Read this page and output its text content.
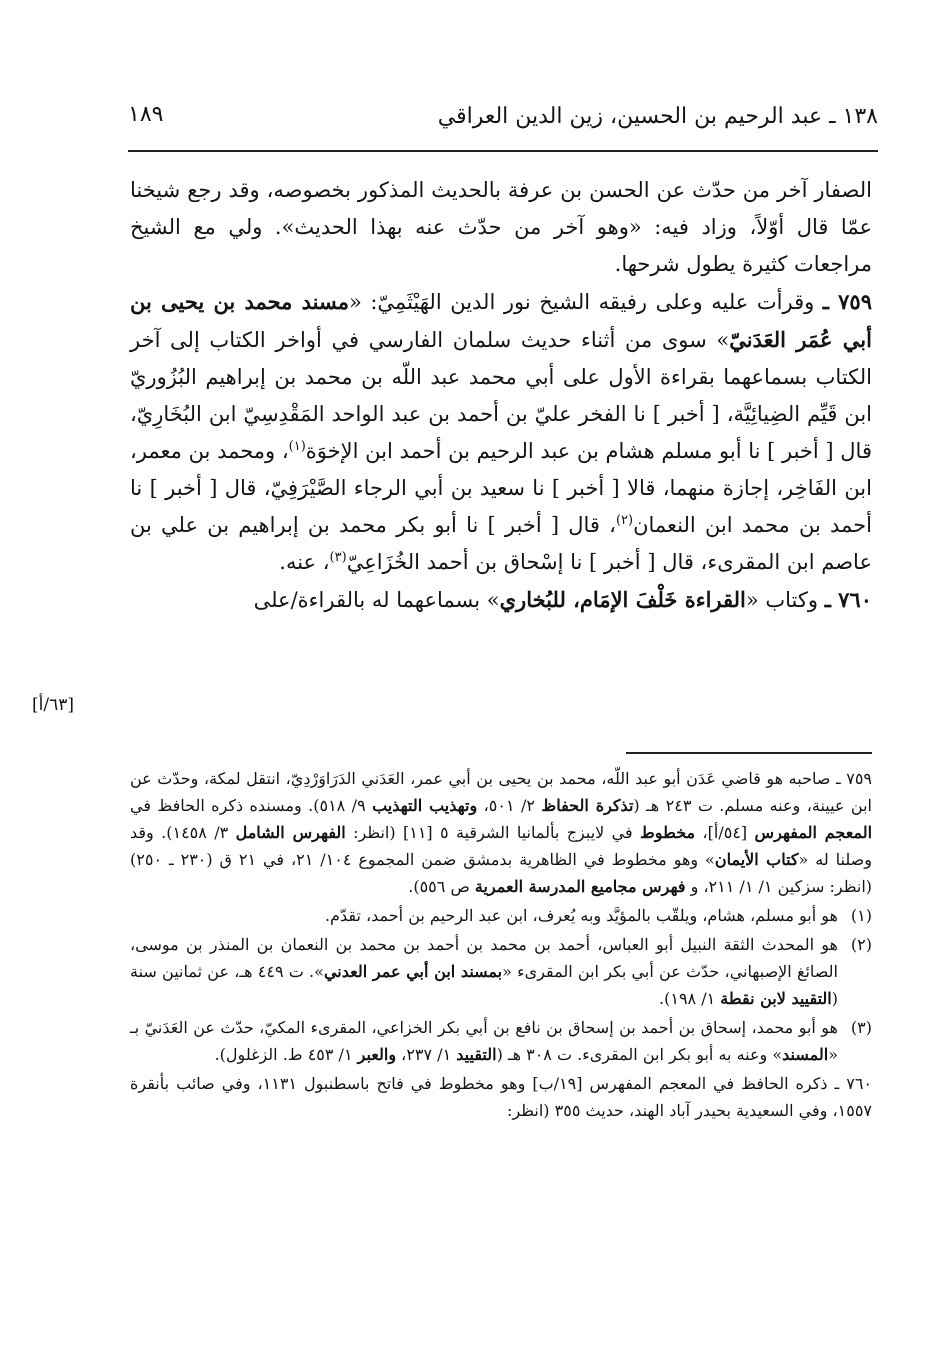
١٣٨ ـ عبد الرحيم بن الحسين، زين الدين العراقي
١٨٩

الصفار آخر من حدّث عن الحسن بن عرفة بالحديث المذكور بخصوصه، وقد رجع شيخنا عمّا قال أوّلاً، وزاد فيه: «وهو آخر من حدّث عنه بهذا الحديث». ولي مع الشيخ مراجعات كثيرة يطول شرحها.

٧٥٩ ـ وقرأت عليه وعلى رفيقه الشيخ نور الدين الهَيْثَمِيّ: «مسند محمد بن يحيى بن أبي عُمَر العَدَنيّ» سوى من أثناء حديث سلمان الفارسي في أواخر الكتاب إلى آخر الكتاب بسماعهما بقراءة الأول على أبي محمد عبد اللّه بن محمد بن إبراهيم البُزُوريّ ابن قَيِّم الضِيائِيَّة، [ أخبر ] نا الفخر عليّ بن أحمد بن عبد الواحد المَقْدِسِيّ ابن البُخَارِيّ، قال [ أخبر ] نا أبو مسلم هشام بن عبد الرحيم بن أحمد ابن الإخوَة$^{(١)}$، ومحمد بن معمر، ابن الفَاخِر، إجازة منهما، قالا [ أخبر ] نا سعيد بن أبي الرجاء الصَّيْرَفِيّ، قال [ أخبر ] نا أحمد بن محمد ابن النعمان$^{(٢)}$، قال [ أخبر ] نا أبو بكر محمد بن إبراهيم بن علي بن عاصم ابن المقرىء، قال [ أخبر ] نا إسْحاق بن أحمد الخُزَاعِيّ$^{(٣)}$، عنه.

٧٦٠ ـ وكتاب «القراءة خَلْفَ الإمَام، للبُخاري» بسماعهما له بالقراءة/على

[٦٣/أ]

٧٥٩ ـ صاحبه هو قاضي عَدَن أبو عبد اللّه، محمد بن يحيى بن أبي عمر، العَدَني الدَرَاوَرْدِيّ، انتقل لمكة، وحدّث عن ابن عيينة، وعنه مسلم. ت ٢٤٣ هـ (تذكرة الحفاظ ٢/ ٥٠١، وتهذيب التهذيب ٩/ ٥١٨). ومسنده ذكره الحافظ في المعجم المفهرس [٥٤/أ]، مخطوط في لايبزج بألمانيا الشرقية ٥ [١١] (انظر: الفهرس الشامل ٣/ ١٤٥٨). وقد وصلنا له «كتاب الأيمان» وهو مخطوط في الظاهرية بدمشق ضمن المجموع ١٠٤/ ٢١، في ٢١ ق (٢٣٠ ـ ٢٥٠) (انظر: سزكين ١/ ١/ ٢١١، و فهرس مجاميع المدرسة العمرية ص ٥٥٦).

(١)هو أبو مسلم، هشام، ويلقّب بالمؤيَّد وبه يُعرف، ابن عبد الرحيم بن أحمد، تقدّم.

(٢)هو المحدث الثقة النبيل أبو العباس، أحمد بن محمد بن أحمد بن محمد بن النعمان بن المنذر بن موسى، الصائغ الإصبهاني، حدّث عن أبي بكر ابن المقرىء «بمسند ابن أبي عمر العدني». ت ٤٤٩ هـ، عن ثمانين سنة (التقييد لابن نقطة ١/ ١٩٨).

(٣)هو أبو محمد، إسحاق بن أحمد بن إسحاق بن نافع بن أبي بكر الخزاعي، المقرىء المكيّ، حدّث عن العَدَنيّ بـ «المسند» وعنه به أبو بكر ابن المقرىء. ت ٣٠٨ هـ (التقييد ١/ ٢٣٧، والعبر ١/ ٤٥٣ ط. الزغلول).

٧٦٠ ـ ذكره الحافظ في المعجم المفهرس [١٩/ب] وهو مخطوط في فاتح باسطنبول ١١٣١، وفي صائب بأنقرة ١٥٥٧، وفي السعيدية بحيدر آباد الهند، حديث ٣٥٥ (انظر:
